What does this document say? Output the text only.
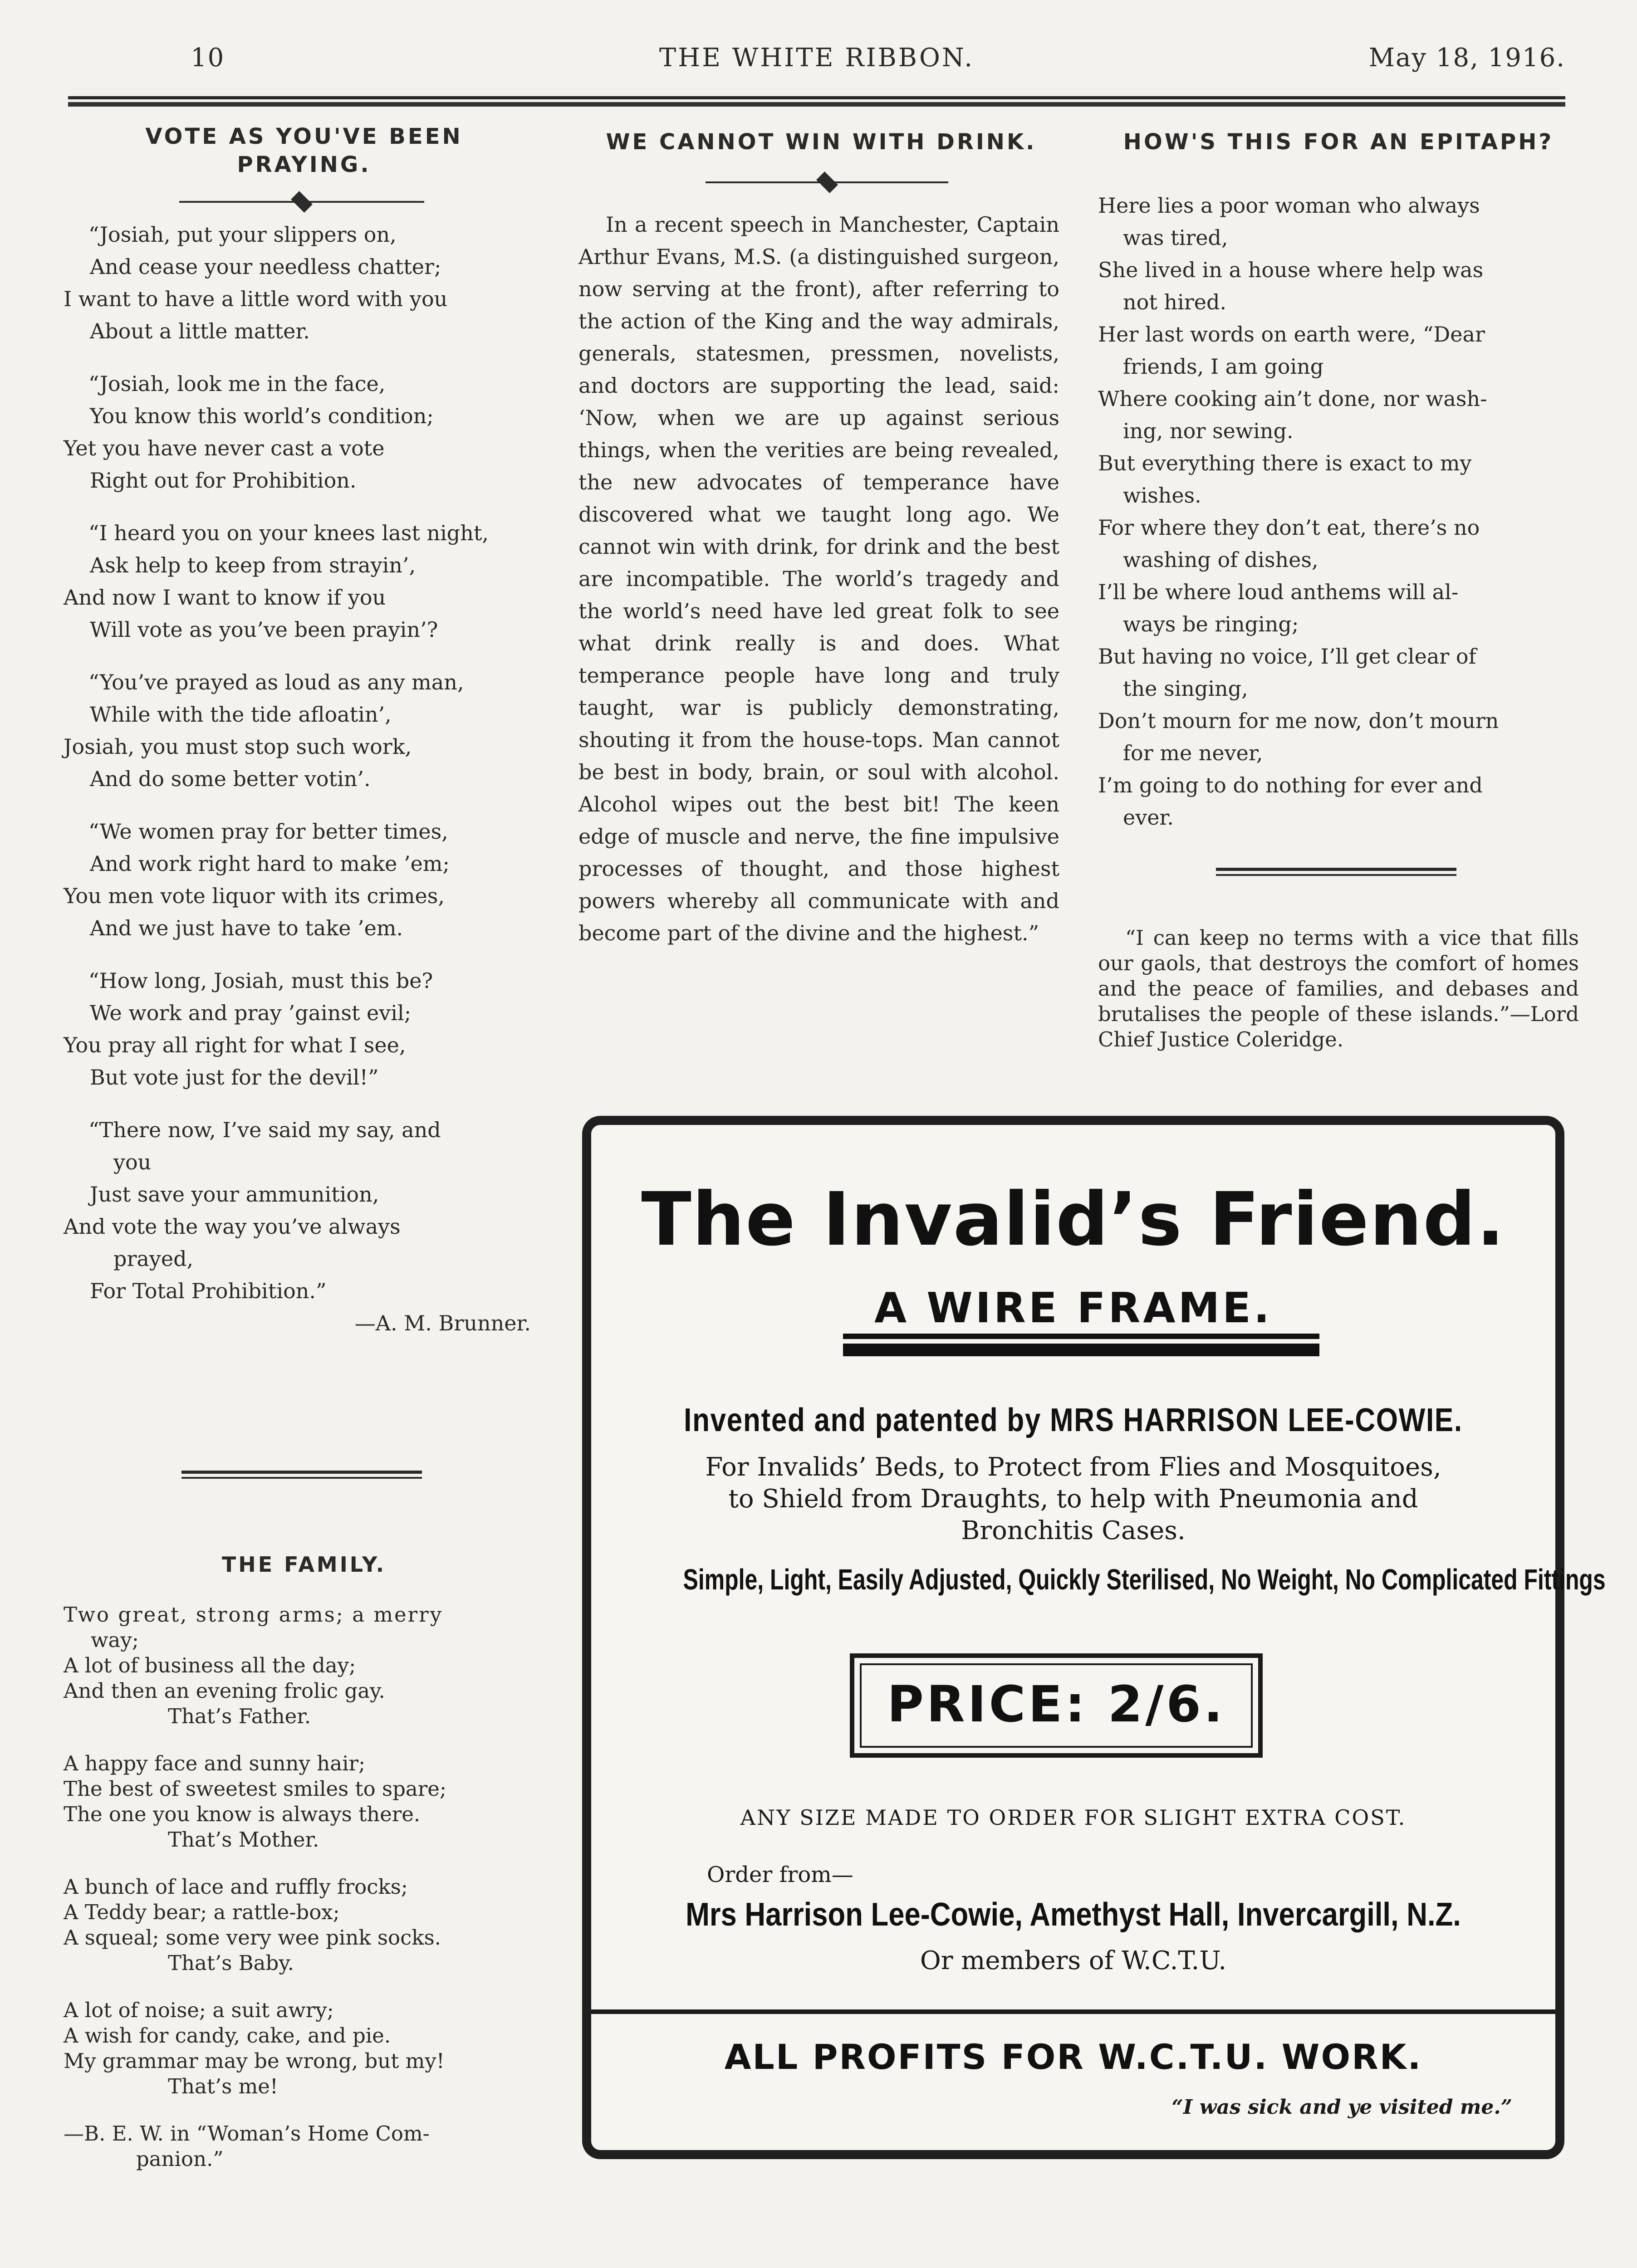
10	THE WHITE RIBBON.	May 18, 1916.
VOTE AS YOU'VE BEEN
PRAYING.
“Josiah, put your slippers on,
And cease your needless chatter;
I want to have a little word with you
About a little matter.
“Josiah, look me in the face,
You know this world’s condition;
Yet you have never cast a vote
Right out for Prohibition.
“I heard you on your knees last night,
Ask help to keep from strayin’,
And now I want to know if you
Will vote as you’ve been prayin’?
“You’ve prayed as loud as any man,
While with the tide afloatin’,
Josiah, you must stop such work,
And do some better votin’.
“We women pray for better times,
And work right hard to make ’em;
You men vote liquor with its crimes,
And we just have to take ’em.
“How long, Josiah, must this be?
We work and pray ’gainst evil;
You pray all right for what I see,
But vote just for the devil!”
“There now, I’ve said my say, and
you
Just save your ammunition,
And vote the way you’ve always
prayed,
For Total Prohibition.”
—A. M. Brunner.
THE FAMILY.
Two great, strong arms; a merry
way;
A lot of business all the day;
And then an evening frolic gay.
That’s Father.
A happy face and sunny hair;
The best of sweetest smiles to spare;
The one you know is always there.
That’s Mother.
A bunch of lace and ruffly frocks;
A Teddy bear; a rattle-box;
A squeal; some very wee pink socks.
That’s Baby.
A lot of noise; a suit awry;
A wish for candy, cake, and pie.
My grammar may be wrong, but my!
That’s me!
—B. E. W. in “Woman’s Home Com-
panion.”
WE CANNOT WIN WITH DRINK.

In a recent speech in Manchester, Captain Arthur Evans, M.S. (a distinguished surgeon, now serving at the front), after referring to the action of the King and the way admirals, generals, statesmen, pressmen, novelists, and doctors are supporting the lead, said: ‘Now, when we are up against serious things, when the verities are being revealed, the new advocates of temperance have discovered what we taught long ago. We cannot win with drink, for drink and the best are incompatible. The world’s tragedy and the world’s need have led great folk to see what drink really is and does. What temperance people have long and truly taught, war is publicly demonstrating, shouting it from the house-tops. Man cannot be best in body, brain, or soul with alcohol. Alcohol wipes out the best bit! The keen edge of muscle and nerve, the fine impulsive processes of thought, and those highest powers whereby all communicate with and become part of the divine and the highest.”

HOW'S THIS FOR AN EPITAPH?
Here lies a poor woman who always
was tired,
She lived in a house where help was
not hired.
Her last words on earth were, “Dear
friends, I am going
Where cooking ain’t done, nor wash-
ing, nor sewing.
But everything there is exact to my
wishes.
For where they don’t eat, there’s no
washing of dishes,
I’ll be where loud anthems will al-
ways be ringing;
But having no voice, I’ll get clear of
the singing,
Don’t mourn for me now, don’t mourn
for me never,
I’m going to do nothing for ever and
ever.

“I can keep no terms with a vice that fills our gaols, that destroys the comfort of homes and the peace of families, and debases and brutalises the people of these islands.”—Lord Chief Justice Coleridge.

The Invalid’s Friend.
A WIRE FRAME.
Invented and patented by MRS HARRISON LEE-COWIE.
For Invalids’ Beds, to Protect from Flies and Mosquitoes,
to Shield from Draughts, to help with Pneumonia and
Bronchitis Cases.
Simple, Light, Easily Adjusted, Quickly Sterilised, No Weight, No Complicated Fittings
PRICE: 2/6.
ANY SIZE MADE TO ORDER FOR SLIGHT EXTRA COST.
Order from—
Mrs Harrison Lee-Cowie, Amethyst Hall, Invercargill, N.Z.
Or members of W.C.T.U.
ALL PROFITS FOR W.C.T.U. WORK.
“I was sick and ye visited me.”
